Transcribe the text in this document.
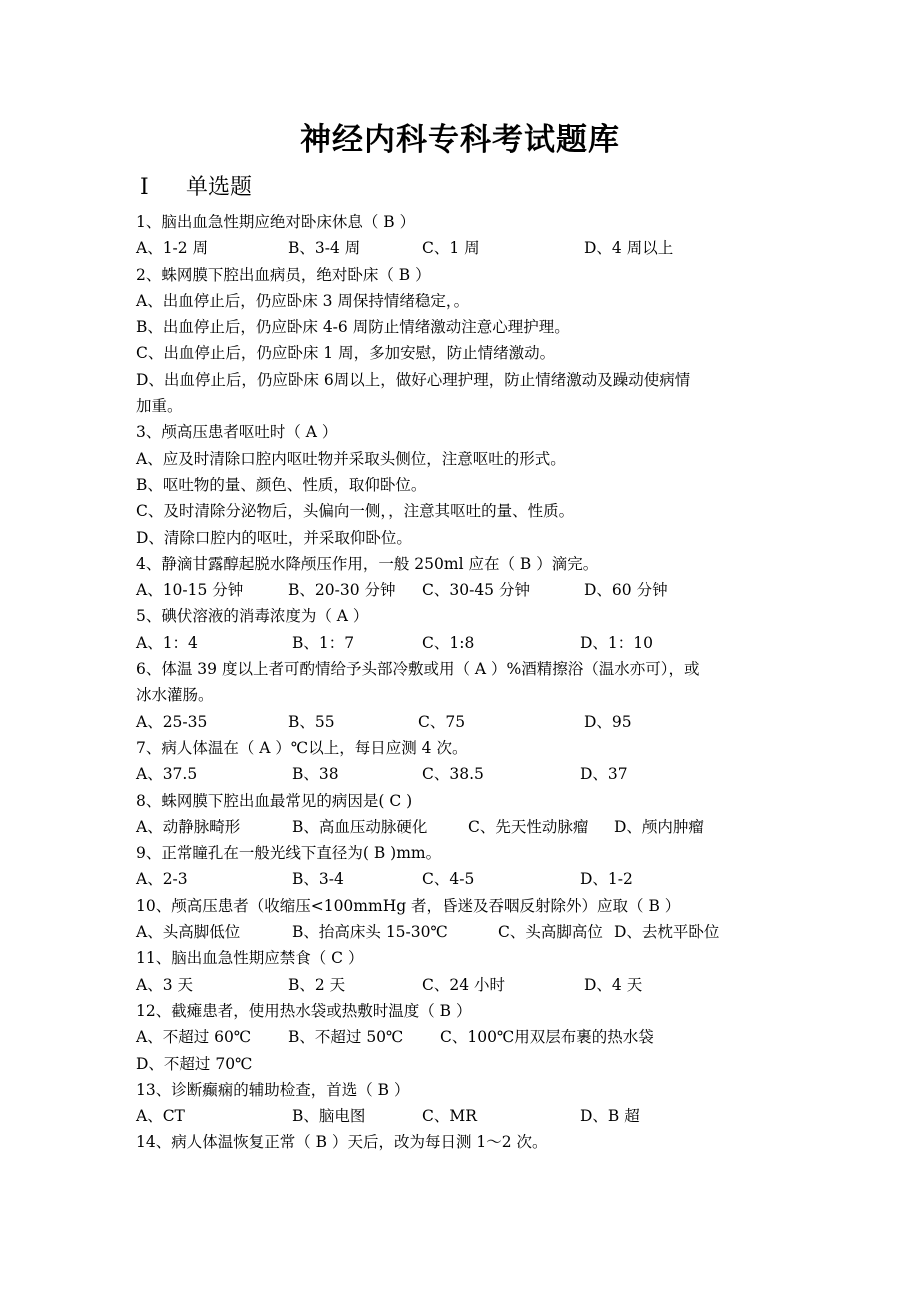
神经内科专科考试题库
Ⅰ	单选题
1、脑出血急性期应绝对卧床休息（ B ）
A、1-2 周	B、3-4 周	C、1 周	D、4 周以上
2、蛛网膜下腔出血病员，绝对卧床（ B ）
A、出血停止后，仍应卧床 3 周保持情绪稳定，。
B、出血停止后，仍应卧床 4-6 周防止情绪激动注意心理护理。
C、出血停止后，仍应卧床 1 周，多加安慰，防止情绪激动。
D、出血停止后，仍应卧床 6周以上，做好心理护理，防止情绪激动及躁动使病情
加重。
3、颅高压患者呕吐时（ A ）
A、应及时清除口腔内呕吐物并采取头侧位，注意呕吐的形式。
B、呕吐物的量、颜色、性质，取仰卧位。
C、及时清除分泌物后，头偏向一侧，，注意其呕吐的量、性质。
D、清除口腔内的呕吐，并采取仰卧位。
4、静滴甘露醇起脱水降颅压作用，一般 250ml 应在（ B ）滴完。
A、10-15 分钟	B、20-30 分钟 C、30-45 分钟	D、60 分钟
5、碘伏溶液的消毒浓度为（ A ）
A、1：4	B、1：7	C、1:8	D、1：10
6、体温 39 度以上者可酌情给予头部冷敷或用（ A ）%酒精擦浴（温水亦可），或
冰水灌肠。
A、25-35	B、55	C、75	D、95
7、病人体温在（ A ）℃以上，每日应测 4 次。
A、37.5	B、38	C、38.5	D、37
8、蛛网膜下腔出血最常见的病因是( C )
A、动静脉畸形	B、高血压动脉硬化	C、先天性动脉瘤 D、颅内肿瘤
9、正常瞳孔在一般光线下直径为( B )mm。
A、2-3	B、3-4	C、4-5	D、1-2
10、颅高压患者（收缩压<100mmHg 者，昏迷及吞咽反射除外）应取（ B ）
A、头高脚低位	B、抬高床头 15-30℃	C、头高脚高位 D、去枕平卧位
11、脑出血急性期应禁食（ C ）
A、3 天	B、2 天	C、24 小时	D、4 天
12、截瘫患者，使用热水袋或热敷时温度（ B ）
A、不超过 60℃ B、不超过 50℃ C、100℃用双层布裹的热水袋
D、不超过 70℃
13、诊断癫痫的辅助检查，首选（ B ）
A、CT	B、脑电图	C、MR	D、B 超
14、病人体温恢复正常（ B ）天后，改为每日测 1～2 次。
